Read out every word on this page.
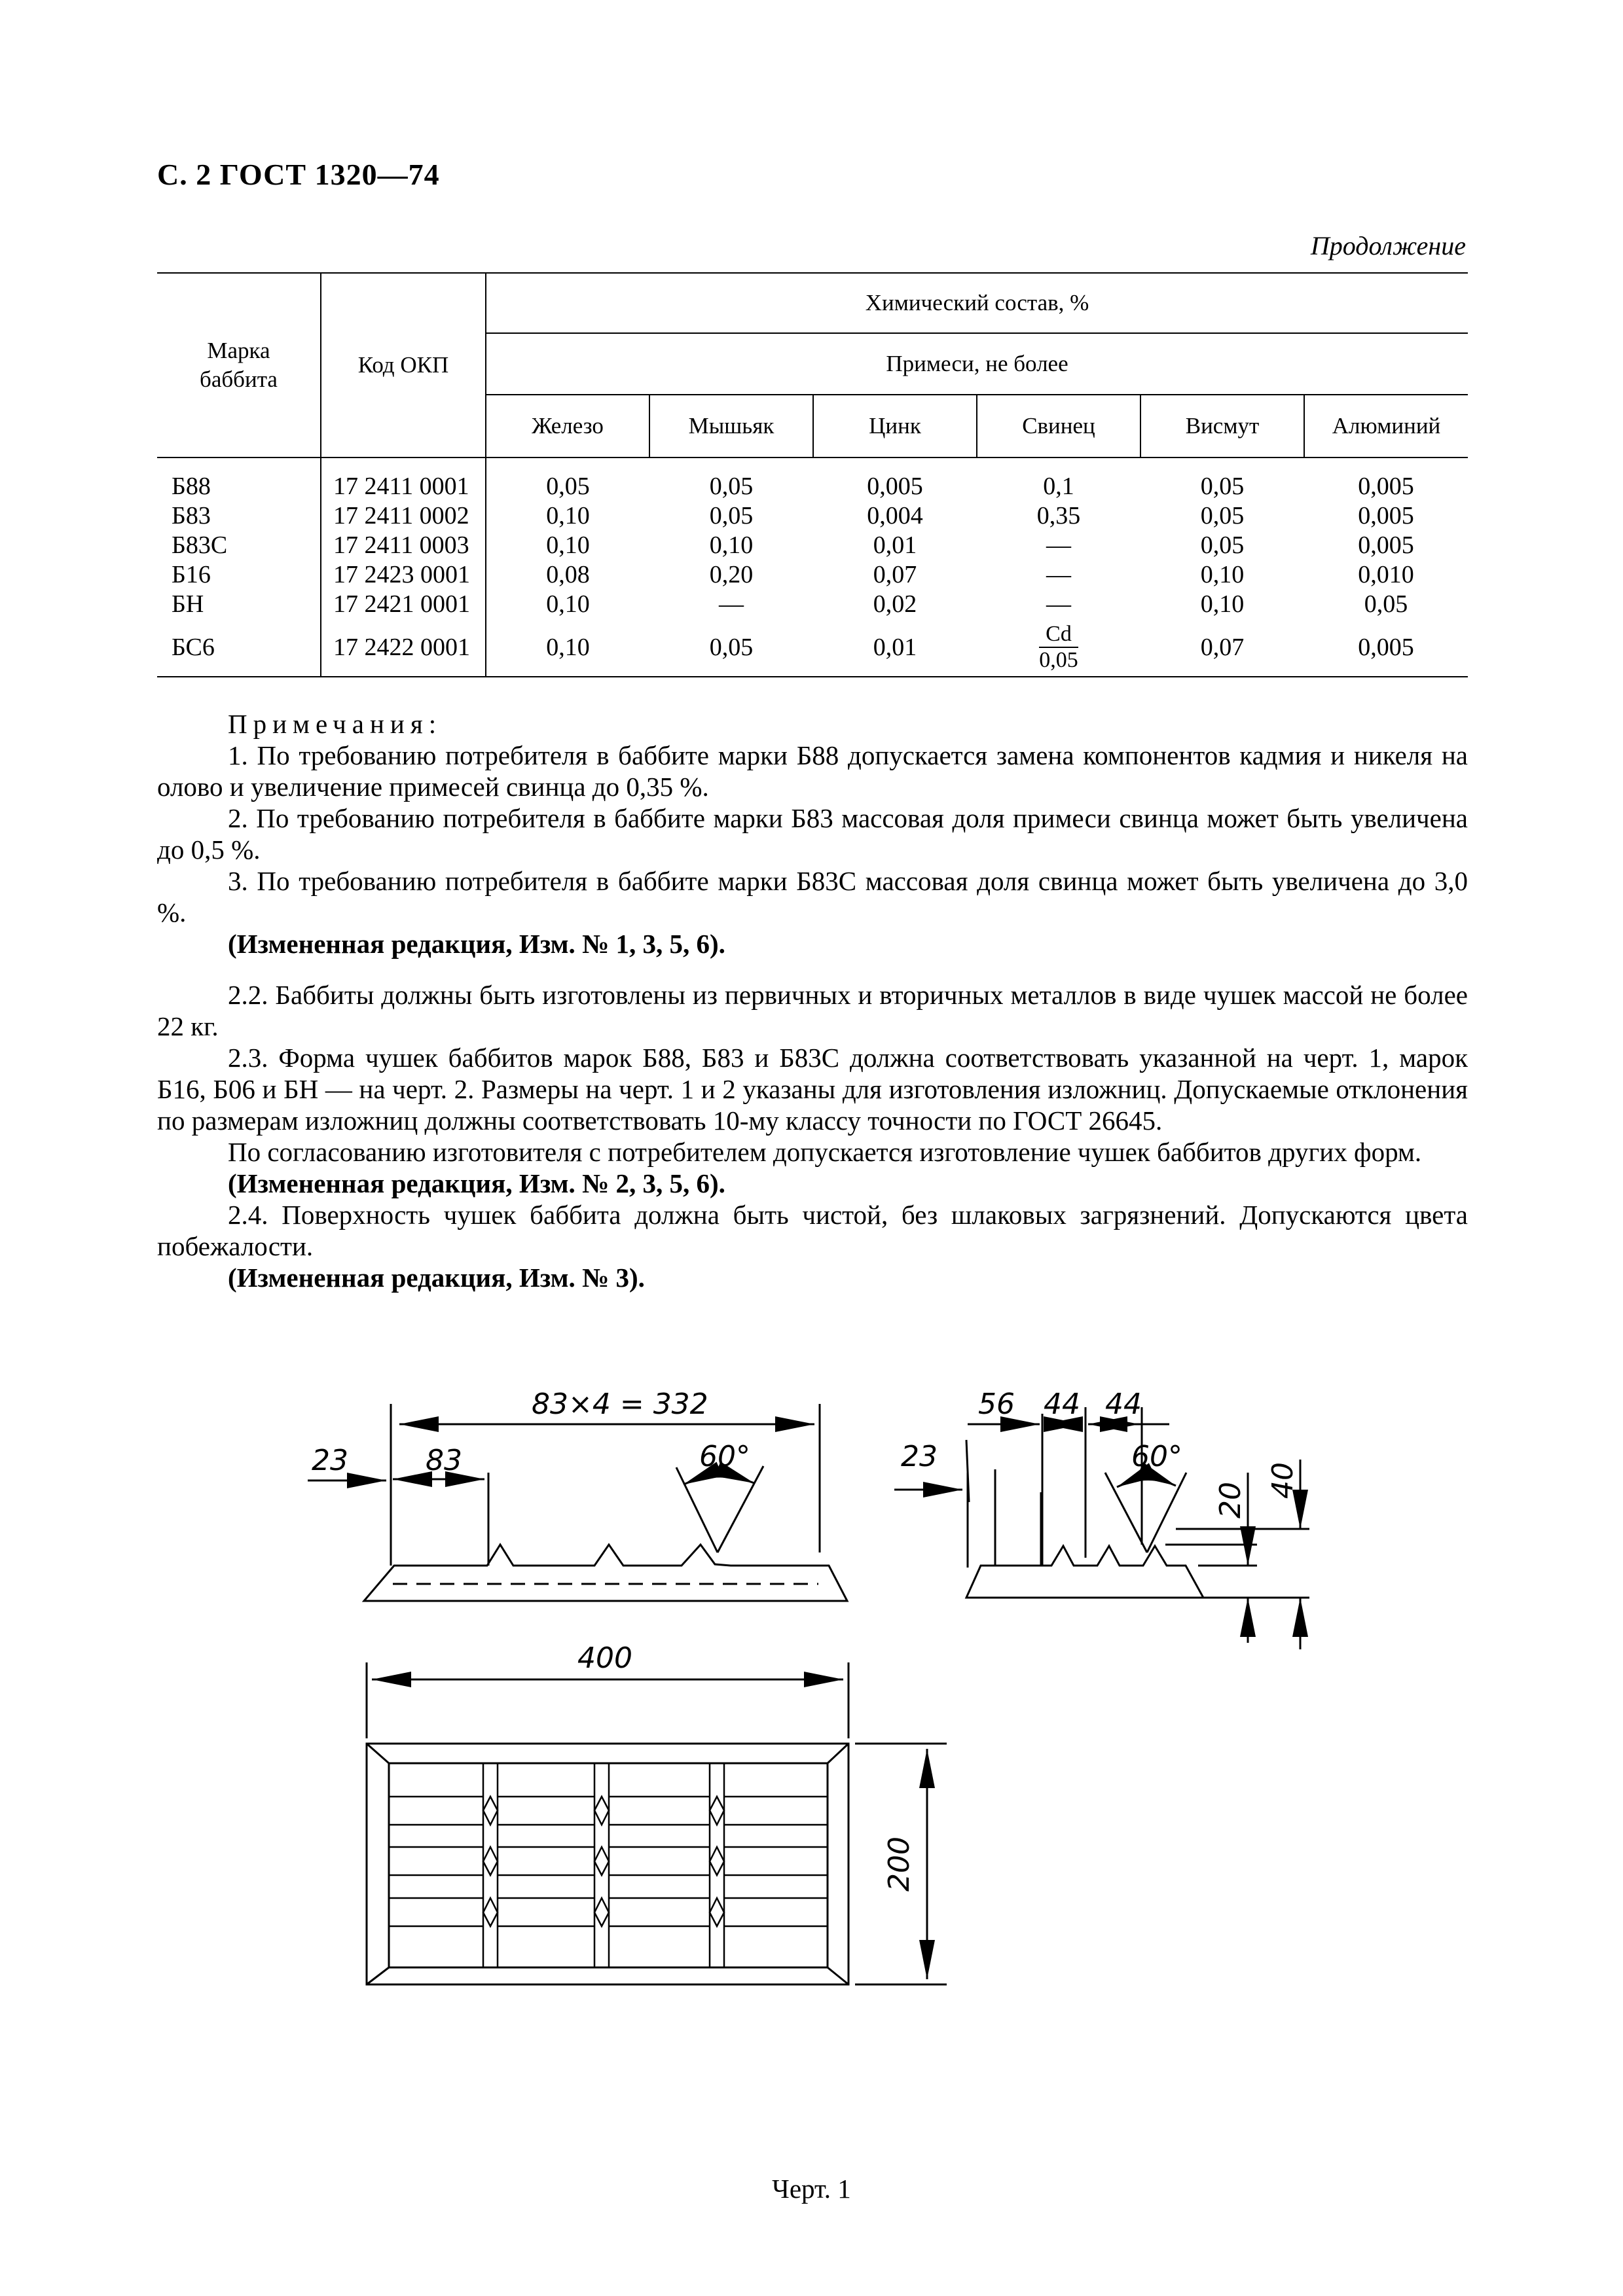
С. 2 ГОСТ 1320—74
Продолжение
Марка баббита	Код ОКП	Химический состав, %					
		Примеси, не более					
		Железо	Мышьяк	Цинк	Свинец	Висмут	Алюминий

Б88	17 2411 0001	0,05	0,05	0,005	0,1	0,05	0,005
Б83	17 2411 0002	0,10	0,05	0,004	0,35	0,05	0,005
Б83С	17 2411 0003	0,10	0,10	0,01	—	0,05	0,005
Б16	17 2423 0001	0,08	0,20	0,07	—	0,10	0,010
БН	17 2421 0001	0,10	—	0,02	—	0,10	0,05
БС6	17 2422 0001	0,10	0,05	0,01	$\frac{Cd}{0,05}$	0,07	0,005

Примечания:

1. По требованию потребителя в баббите марки Б88 допускается замена компонентов кадмия и никеля на олово и увеличение примесей свинца до 0,35 %.

2. По требованию потребителя в баббите марки Б83 массовая доля примеси свинца может быть увеличена до 0,5 %.

3. По требованию потребителя в баббите марки Б83С массовая доля свинца может быть увеличена до 3,0 %.

(Измененная редакция, Изм. № 1, 3, 5, 6).

2.2. Баббиты должны быть изготовлены из первичных и вторичных металлов в виде чушек массой не более 22 кг.

2.3. Форма чушек баббитов марок Б88, Б83 и Б83С должна соответствовать указанной на черт. 1, марок Б16, Б06 и БН — на черт. 2. Размеры на черт. 1 и 2 указаны для изготовления изложниц. Допускаемые отклонения по размерам изложниц должны соответствовать 10-му классу точности по ГОСТ 26645.

По согласованию изготовителя с потребителем допускается изготовление чушек баббитов других форм.

(Измененная редакция, Изм. № 2, 3, 5, 6).

2.4. Поверхность чушек баббита должна быть чистой, без шлаковых загрязнений. Допускаются цвета побежалости.

(Измененная редакция, Изм. № 3).

83×4 = 332
23	83	60°	23
56 44 44
60°
20
40
400
200
Черт. 1
